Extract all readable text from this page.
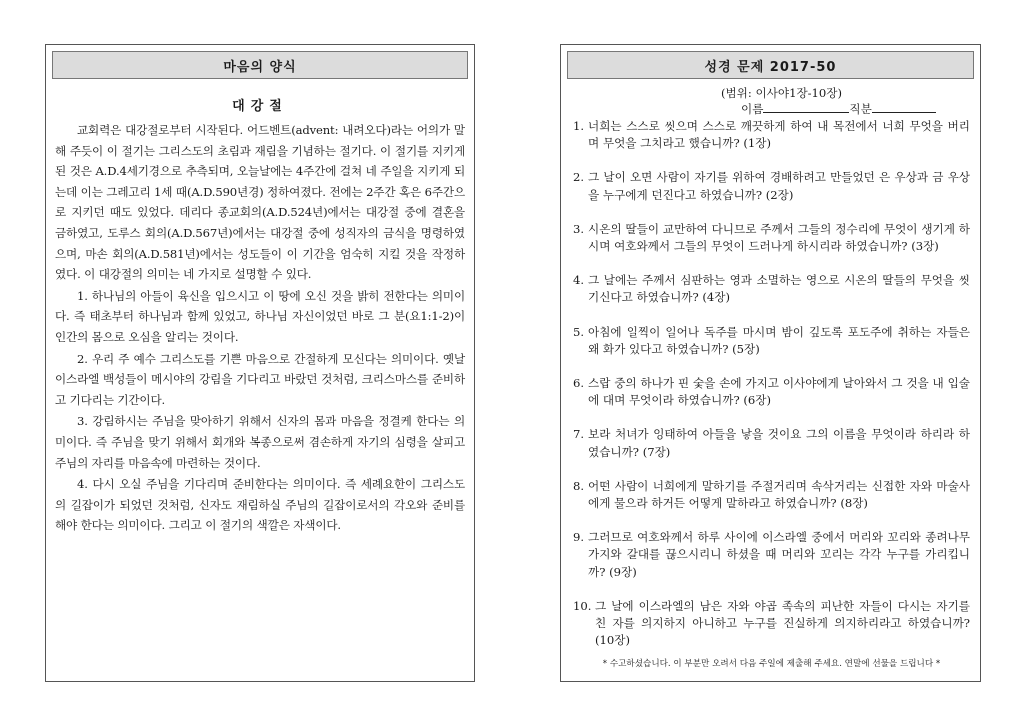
마음의 양식
대강절

교회력은 대강절로부터 시작된다. 어드벤트(advent: 내려오다)라는 어의가 말해 주듯이 이 절기는 그리스도의 초림과 재림을 기념하는 절기다. 이 절기를 지키게 된 것은 A.D.4세기경으로 추측되며, 오늘날에는 4주간에 걸쳐 네 주일을 지키게 되는데 이는 그레고리 1세 때(A.D.590년경) 정하여졌다. 전에는 2주간 혹은 6주간으로 지키던 때도 있었다. 데리다 종교회의(A.D.524년)에서는 대강절 중에 결혼을 금하였고, 도루스 회의(A.D.567년)에서는 대강절 중에 성직자의 금식을 명령하였으며, 마손 회의(A.D.581년)에서는 성도들이 이 기간을 엄숙히 지킬 것을 작정하였다. 이 대강절의 의미는 네 가지로 설명할 수 있다.

1. 하나님의 아들이 육신을 입으시고 이 땅에 오신 것을 밝히 전한다는 의미이다. 즉 태초부터 하나님과 함께 있었고, 하나님 자신이었던 바로 그 분(요1:1-2)이 인간의 몸으로 오심을 알리는 것이다.

2. 우리 주 예수 그리스도를 기쁜 마음으로 간절하게 모신다는 의미이다. 옛날 이스라엘 백성들이 메시야의 강림을 기다리고 바랐던 것처럼, 크리스마스를 준비하고 기다리는 기간이다.

3. 강림하시는 주님을 맞아하기 위해서 신자의 몸과 마음을 정결케 한다는 의미이다. 즉 주님을 맞기 위해서 회개와 복종으로써 겸손하게 자기의 심령을 살피고 주님의 자리를 마음속에 마련하는 것이다.

4. 다시 오실 주님을 기다리며 준비한다는 의미이다. 즉 세례요한이 그리스도의 길잡이가 되었던 것처럼, 신자도 재림하실 주님의 길잡이로서의 각오와 준비를 해야 한다는 의미이다. 그리고 이 절기의 색깔은 자색이다.

성경 문제 2017-50
(범위: 이사야1장-10장)
이름	직분
1. 너희는 스스로 씻으며 스스로 깨끗하게 하여 내 목전에서 너희 무엇을 버리며 무엇을 그치라고 했습니까? (1장)
2. 그 날이 오면 사람이 자기를 위하여 경배하려고 만들었던 은 우상과 금 우상을 누구에게 던진다고 하였습니까? (2장)
3. 시온의 딸들이 교만하여 다니므로 주께서 그들의 정수리에 무엇이 생기게 하시며 여호와께서 그들의 무엇이 드러나게 하시리라 하였습니까? (3장)
4. 그 날에는 주께서 심판하는 영과 소멸하는 영으로 시온의 딸들의 무엇을 씻기신다고 하였습니까? (4장)
5. 아침에 일찍이 일어나 독주를 마시며 밤이 깊도록 포도주에 취하는 자들은 왜 화가 있다고 하였습니까? (5장)
6. 스랍 중의 하나가 핀 숯을 손에 가지고 이사야에게 날아와서 그 것을 내 입술에 대며 무엇이라 하였습니까? (6장)
7. 보라 처녀가 잉태하여 아들을 낳을 것이요 그의 이름을 무엇이라 하리라 하였습니까? (7장)
8. 어떤 사람이 너희에게 말하기를 주절거리며 속삭거리는 신접한 자와 마술사에게 물으라 하거든 어떻게 말하라고 하였습니까? (8장)
9. 그러므로 여호와께서 하루 사이에 이스라엘 중에서 머리와 꼬리와 종려나무 가지와 갈대를 끊으시리니 하셨을 때 머리와 꼬리는 각각 누구를 가리킵니까? (9장)
10. 그 날에 이스라엘의 남은 자와 야곱 족속의 피난한 자들이 다시는 자기를 친 자를 의지하지 아니하고 누구를 진실하게 의지하리라고 하였습니까? (10장)
* 수고하셨습니다. 이 부분만 오려서 다음 주일에 제출해 주세요. 연말에 선물을 드립니다 *
